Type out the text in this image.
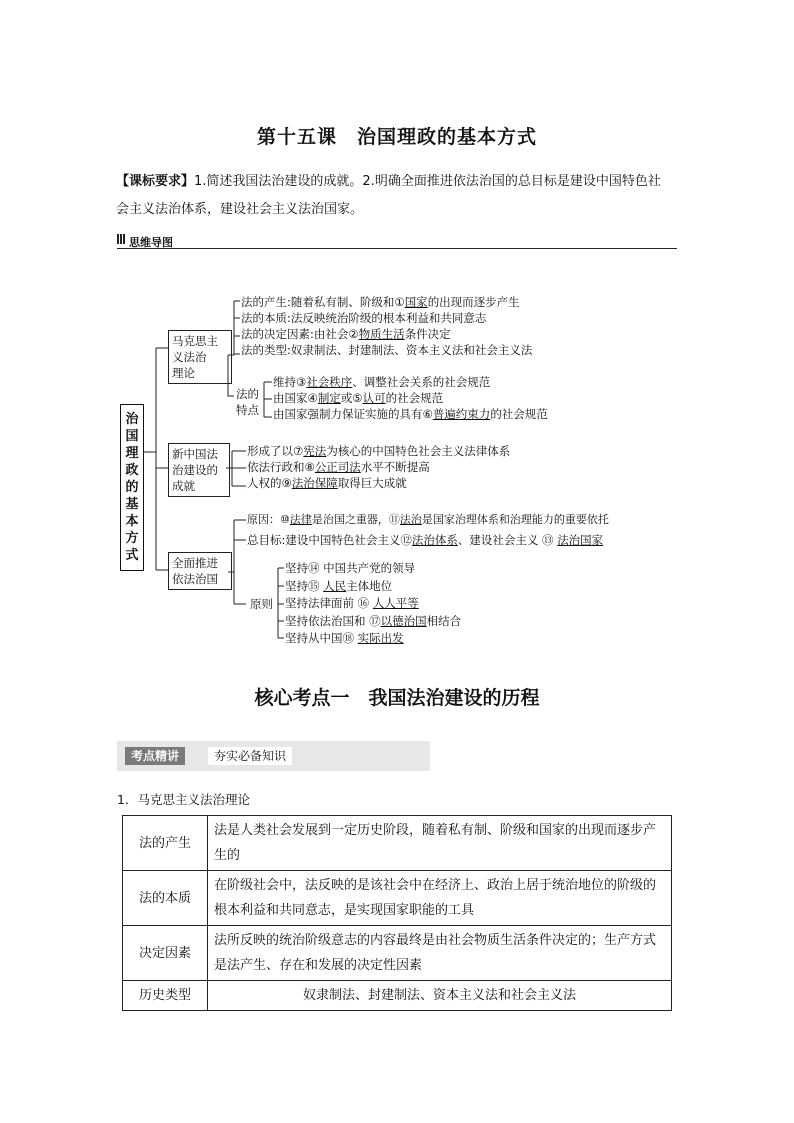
第十五课　治国理政的基本方式
【课标要求】1.简述我国法治建设的成就。2.明确全面推进依法治国的总目标是建设中国特色社
会主义法治体系，建设社会主义法治国家。
思维导图
治国理政的基本方式
马克思主
义法治
理论
法的产生:随着私有制、阶级和①国家的出现而逐步产生
法的本质:法反映统治阶级的根本利益和共同意志
法的决定因素:由社会②物质生活条件决定
法的类型:奴隶制法、封建制法、资本主义法和社会主义法
法的
特点
维持③社会秩序、调整社会关系的社会规范
由国家④制定或⑤认可的社会规范
由国家强制力保证实施的具有⑥普遍约束力的社会规范
新中国法
治建设的
成就
形成了以⑦宪法为核心的中国特色社会主义法律体系
依法行政和⑧公正司法水平不断提高
人权的⑨法治保障取得巨大成就
全面推进
依法治国
原因：⑩法律是治国之重器，⑪法治是国家治理体系和治理能力的重要依托
总目标:建设中国特色社会主义⑫法治体系、建设社会主义 ⑬ 法治国家
原则
坚持⑭ 中国共产党的领导
坚持⑮ 人民主体地位
坚持法律面前 ⑯ 人人平等
坚持依法治国和 ⑰以德治国相结合
坚持从中国⑱ 实际出发
核心考点一　我国法治建设的历程
考点精讲	夯实必备知识
1．马克思主义法治理论
法的产生	法是人类社会发展到一定历史阶段，随着私有制、阶级和国家的出现而逐步产生的
法的本质	在阶级社会中，法反映的是该社会中在经济上、政治上居于统治地位的阶级的根本利益和共同意志，是实现国家职能的工具
决定因素	法所反映的统治阶级意志的内容最终是由社会物质生活条件决定的；生产方式是法产生、存在和发展的决定性因素
历史类型	奴隶制法、封建制法、资本主义法和社会主义法
